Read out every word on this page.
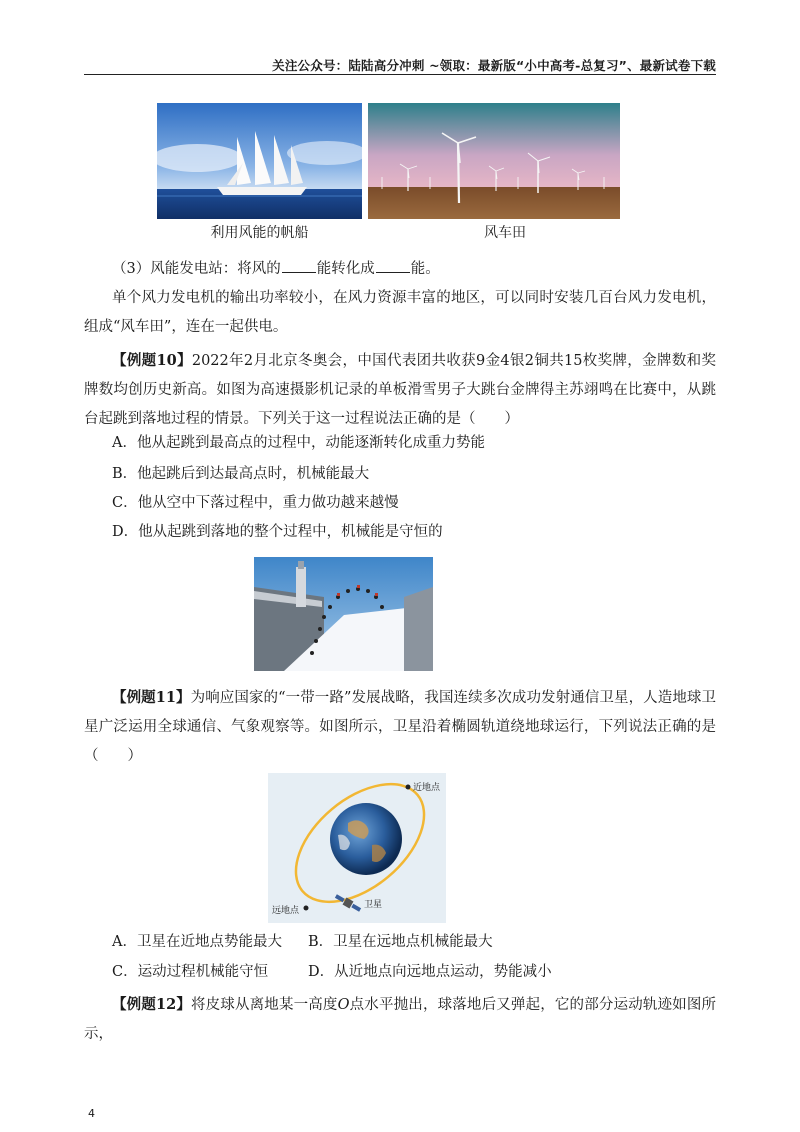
关注公众号：陆陆高分冲刺 ~领取：最新版“小中高考-总复习”、最新试卷下载
利用风能的帆船	风车田
（3）风能发电站：将风的 能转化成 能。
单个风力发电机的输出功率较小，在风力资源丰富的地区，可以同时安装几百台风力发电机，组成“风车田”，连在一起供电。
【例题10】2022年2月北京冬奥会，中国代表团共收获9金4银2铜共15枚奖牌，金牌数和奖牌数均创历史新高。如图为高速摄影机记录的单板滑雪男子大跳台金牌得主苏翊鸣在比赛中，从跳台起跳到落地过程的情景。下列关于这一过程说法正确的是（　　）
A．他从起跳到最高点的过程中，动能逐渐转化成重力势能
B．他起跳后到达最高点时，机械能最大
C．他从空中下落过程中，重力做功越来越慢
D．他从起跳到落地的整个过程中，机械能是守恒的
【例题11】为响应国家的“一带一路”发展战略，我国连续多次成功发射通信卫星，人造地球卫星广泛运用全球通信、气象观察等。如图所示，卫星沿着椭圆轨道绕地球运行，下列说法正确的是（　　）
近地点
远地点
卫星
A．卫星在近地点势能最大 B．卫星在远地点机械能最大
C．运动过程机械能守恒	D．从近地点向远地点运动，势能减小
【例题12】将皮球从离地某一高度O点水平抛出，球落地后又弹起，它的部分运动轨迹如图所示，
4
